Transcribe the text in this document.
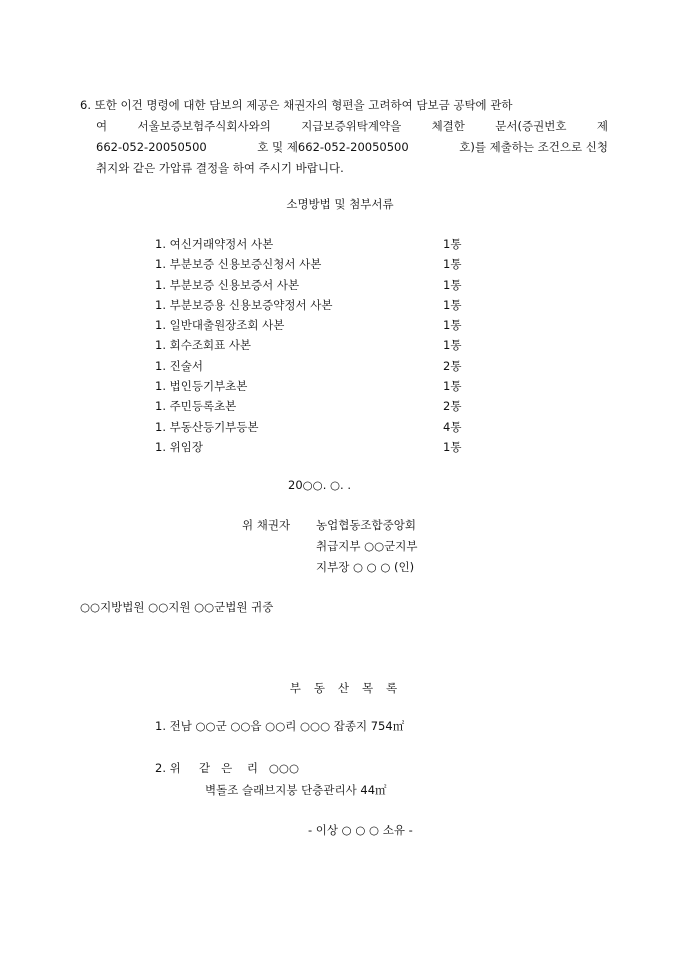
6. 또한 이건 명령에 대한 담보의 제공은 채권자의 형편을 고려하여 담보금 공탁에 관하
여	서울보증보험주식회사와의	지급보증위탁계약을	체결한	문서(증권번호	제
662-052-20050500	호 및 제662-052-20050500	호)를 제출하는 조건으로 신청
취지와 같은 가압류 결정을 하여 주시기 바랍니다.
소명방법 및 첨부서류
1. 여신거래약정서 사본	1통
1. 부분보증 신용보증신청서 사본	1통
1. 부분보증 신용보증서 사본	1통
1. 부분보증용 신용보증약정서 사본	1통
1. 일반대출원장조회 사본	1통
1. 회수조회표 사본	1통
1. 진술서	2통
1. 법인등기부초본	1통
1. 주민등록초본	2통
1. 부동산등기부등본	4통
1. 위임장	1통
20○○. ○. .
위 채권자 농업협동조합중앙회
취급지부 ○○군지부
지부장 ○ ○ ○ (인)
○○지방법원 ○○지원 ○○군법원 귀중
부동산목록
1. 전남 ○○군 ○○읍 ○○리 ○○○ 잡종지 754㎡
2. 위     같   은    리   ○○○
벽돌조 슬래브지붕 단층관리사 44㎡
- 이상 ○ ○ ○ 소유 -
